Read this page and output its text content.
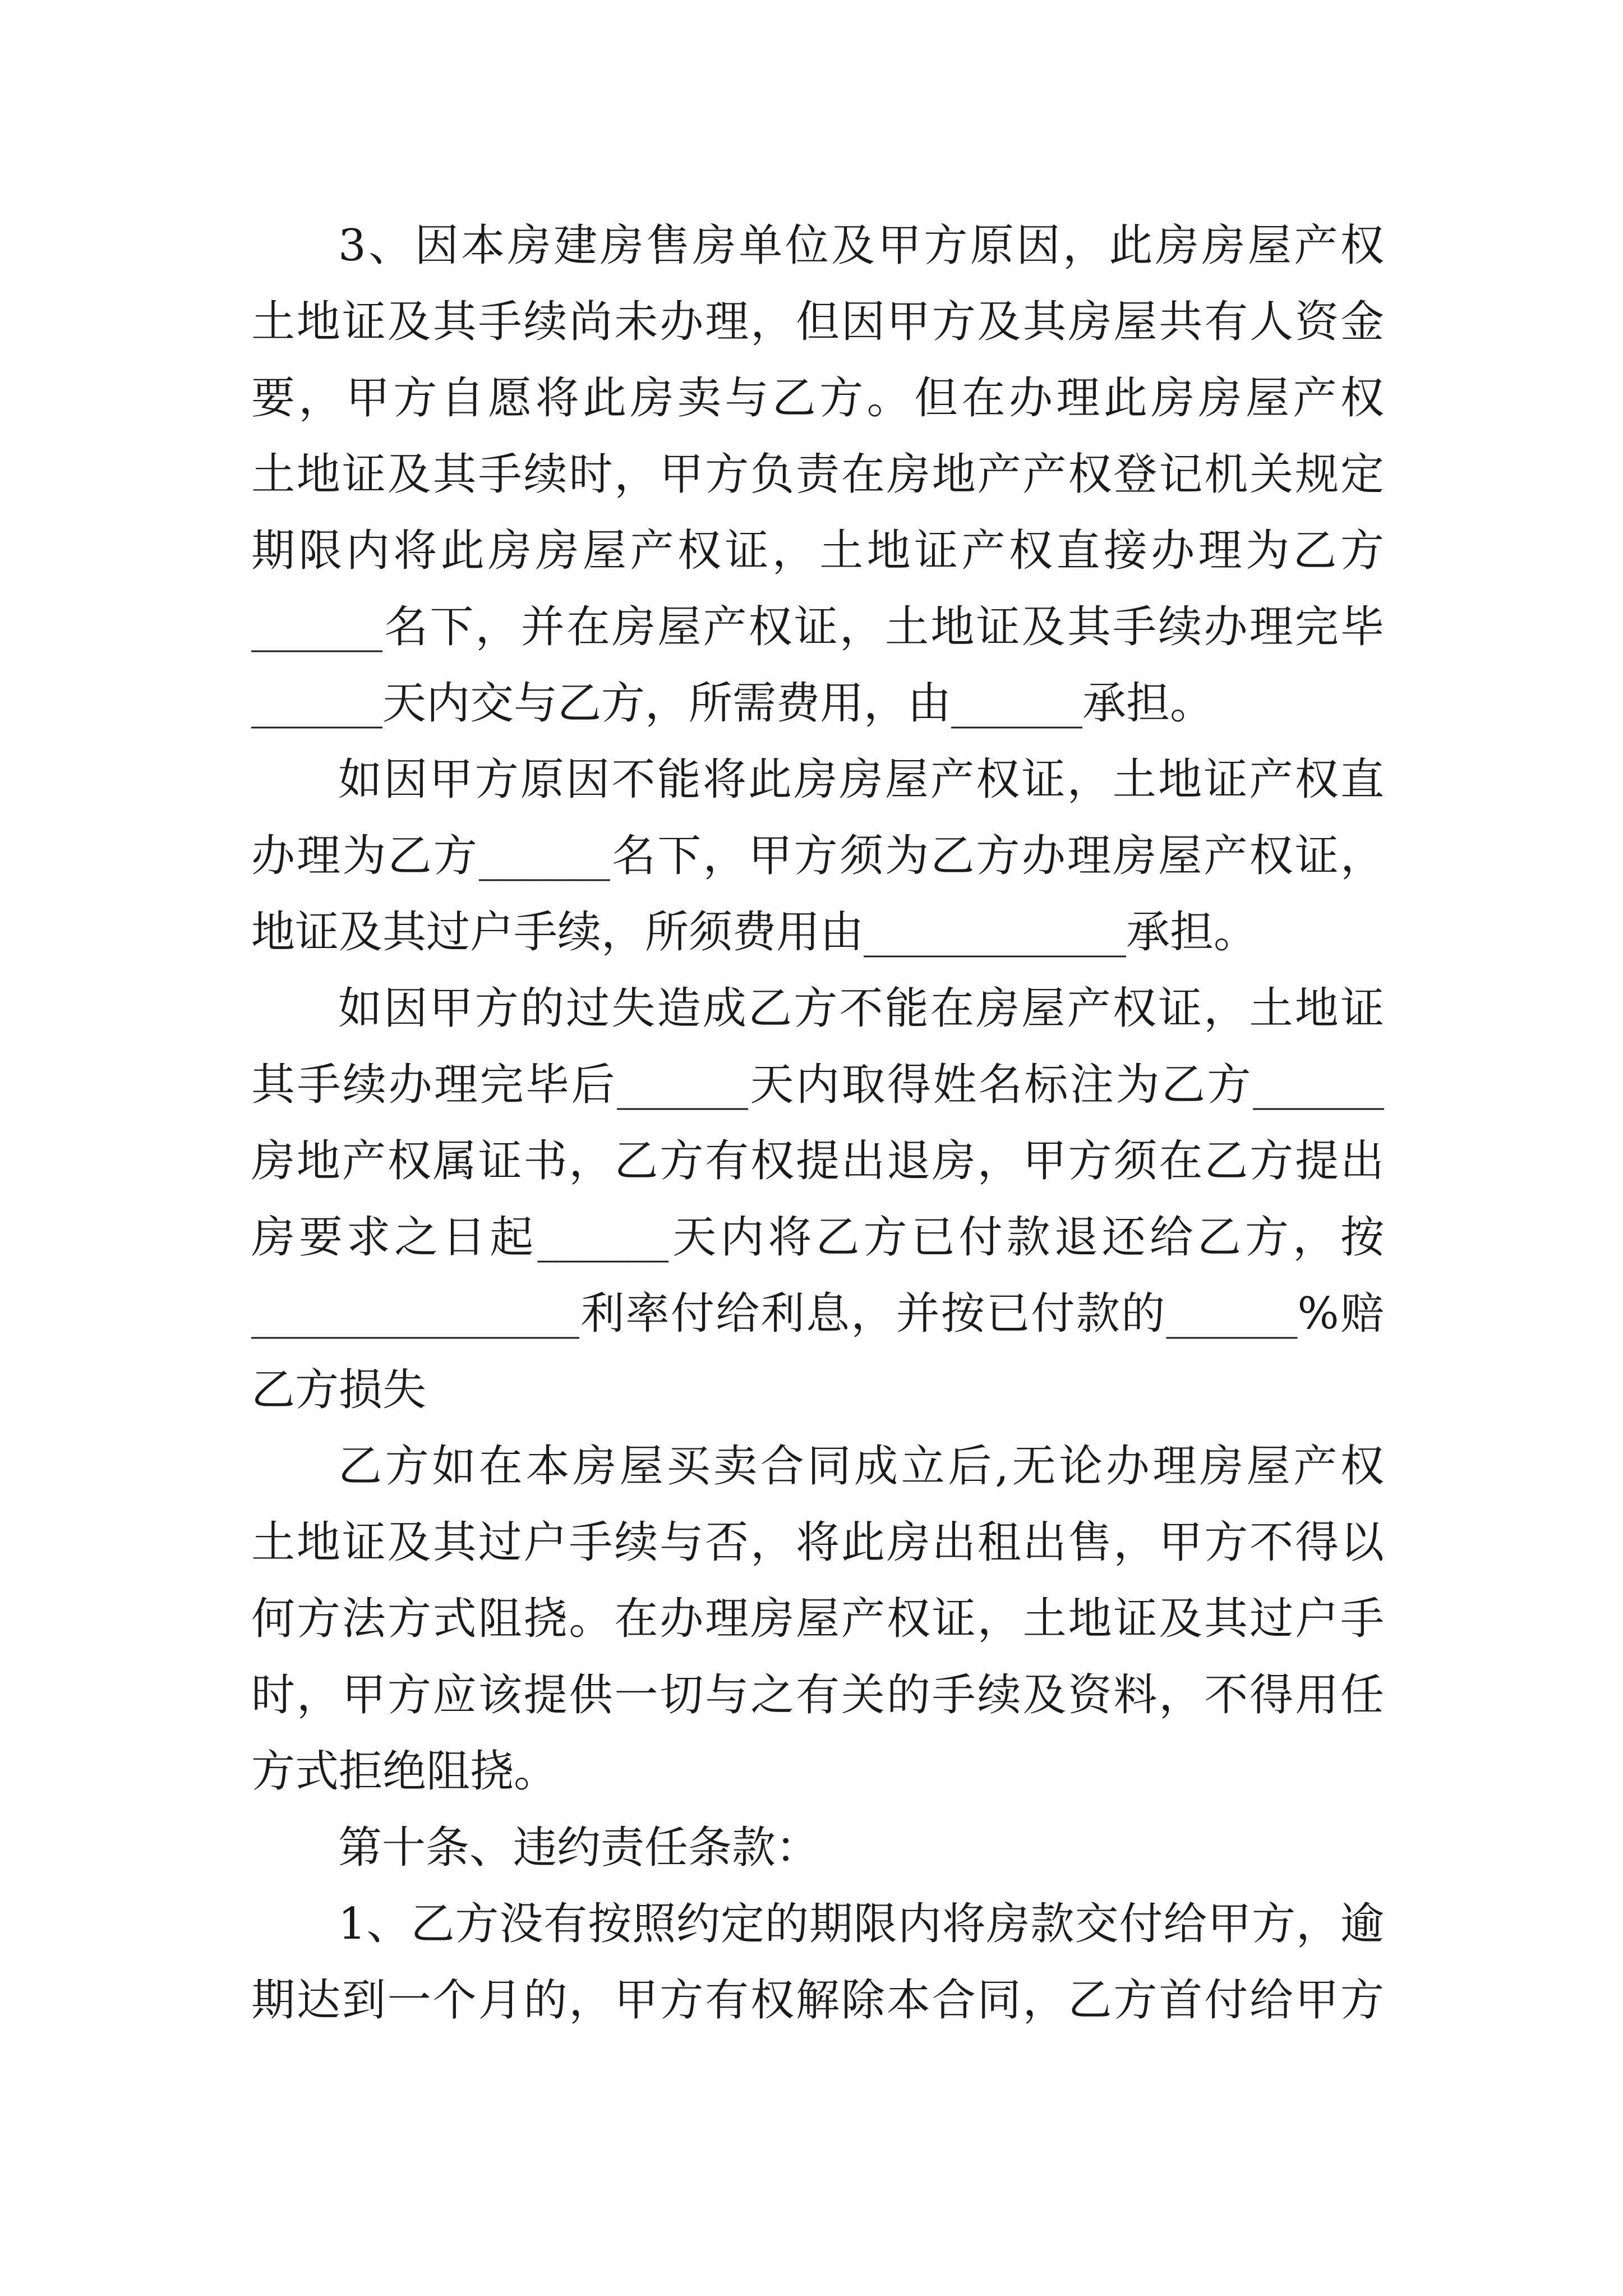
3、因本房建房售房单位及甲方原因，此房房屋产权
土地证及其手续尚未办理，但因甲方及其房屋共有人资金
要，甲方自愿将此房卖与乙方。但在办理此房房屋产权
土地证及其手续时，甲方负责在房地产产权登记机关规定
期限内将此房房屋产权证，土地证产权直接办理为乙方
______名下，并在房屋产权证，土地证及其手续办理完毕
______天内交与乙方，所需费用，由______承担。
如因甲方原因不能将此房房屋产权证，土地证产权直
办理为乙方______名下，甲方须为乙方办理房屋产权证，
地证及其过户手续，所须费用由____________承担。
如因甲方的过失造成乙方不能在房屋产权证，土地证
其手续办理完毕后______天内取得姓名标注为乙方______
房地产权属证书，乙方有权提出退房，甲方须在乙方提出
房要求之日起______天内将乙方已付款退还给乙方，按
_______________利率付给利息，并按已付款的______%赔
乙方损失
乙方如在本房屋买卖合同成立后,无论办理房屋产权
土地证及其过户手续与否，将此房出租出售，甲方不得以
何方法方式阻挠。在办理房屋产权证，土地证及其过户手
时，甲方应该提供一切与之有关的手续及资料，不得用任
方式拒绝阻挠。
第十条、违约责任条款：
1、乙方没有按照约定的期限内将房款交付给甲方，逾
期达到一个月的，甲方有权解除本合同，乙方首付给甲方
